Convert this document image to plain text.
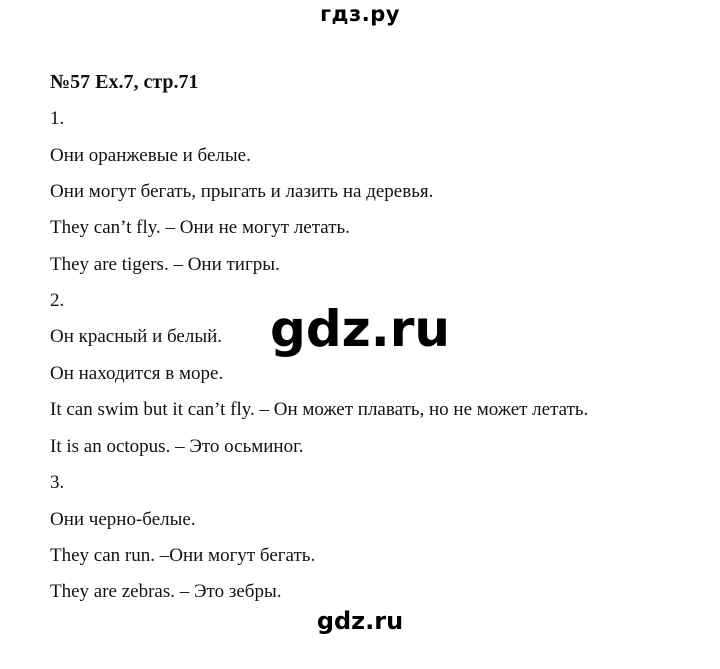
гдз.ру
№57 Ex.7, стр.71
1.
Они оранжевые и белые.
Они могут бегать, прыгать и лазить на деревья.
They can’t fly. – Они не могут летать.
They are tigers. – Они тигры.
2.
Он красный и белый.
Он находится в море.
It can swim but it can’t fly. – Он может плавать, но не может летать.
It is an octopus. – Это осьминог.
3.
Они черно-белые.
They can run. –Они могут бегать.
They are zebras. – Это зебры.
gdz.ru
gdz.ru
